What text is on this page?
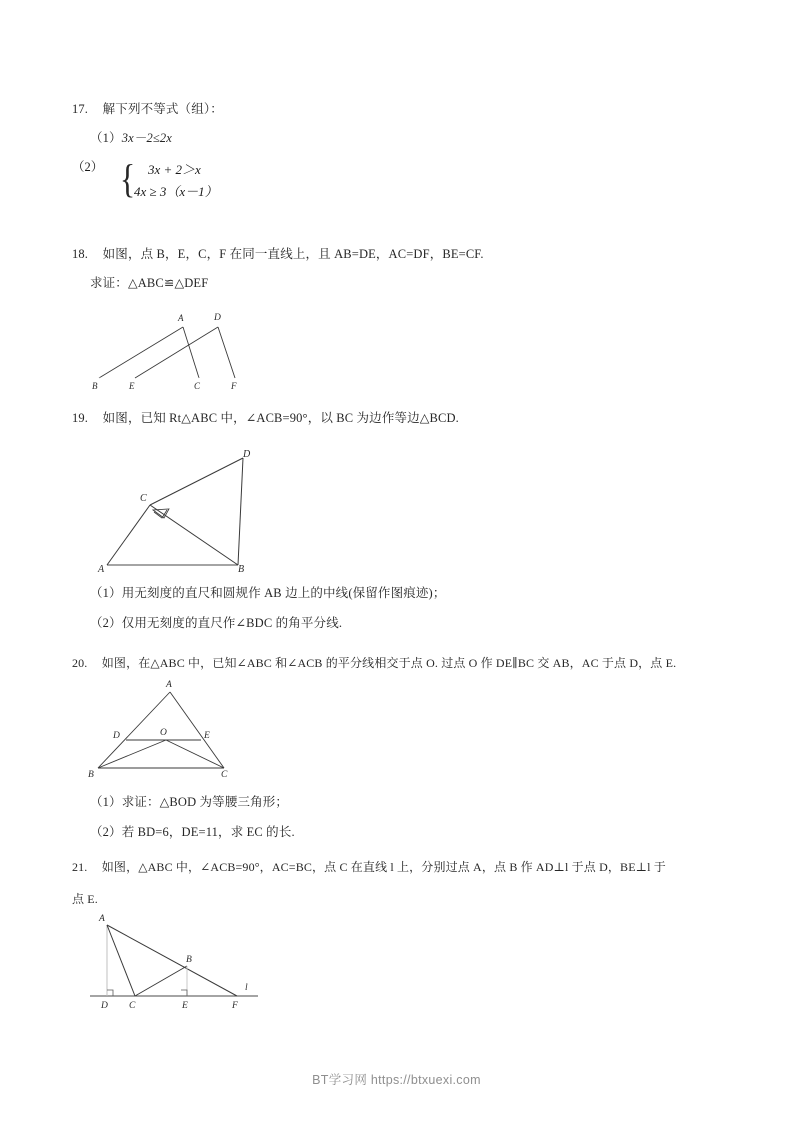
17. 解下列不等式（组）：
（1）3x－2≤2x
（2） { 3x + 2＞x
4x ≥ 3（x－1）
18. 如图，点 B，E，C，F 在同一直线上，且 AB=DE，AC=DF，BE=CF.
求证：△ABC≌△DEF
A	D
B	E	C	F
19. 如图，已知 Rt△ABC 中，∠ACB=90°，以 BC 为边作等边△BCD.
A	B
C
D
（1）用无刻度的直尺和圆规作 AB 边上的中线(保留作图痕迹)；
（2）仅用无刻度的直尺作∠BDC 的角平分线.
20. 如图，在△ABC 中，已知∠ABC 和∠ACB 的平分线相交于点 O. 过点 O 作 DE∥BC 交 AB，AC 于点 D，点 E.
A
B	C
D	E
O
（1）求证：△BOD 为等腰三角形；
（2）若 BD=6，DE=11，求 EC 的长.
21. 如图，△ABC 中，∠ACB=90°，AC=BC，点 C 在直线 l 上，分别过点 A，点 B 作 AD⊥l 于点 D，BE⊥l 于
点 E.
A
B
C
D	E	F
l
BT学习网 https://btxuexi.com
